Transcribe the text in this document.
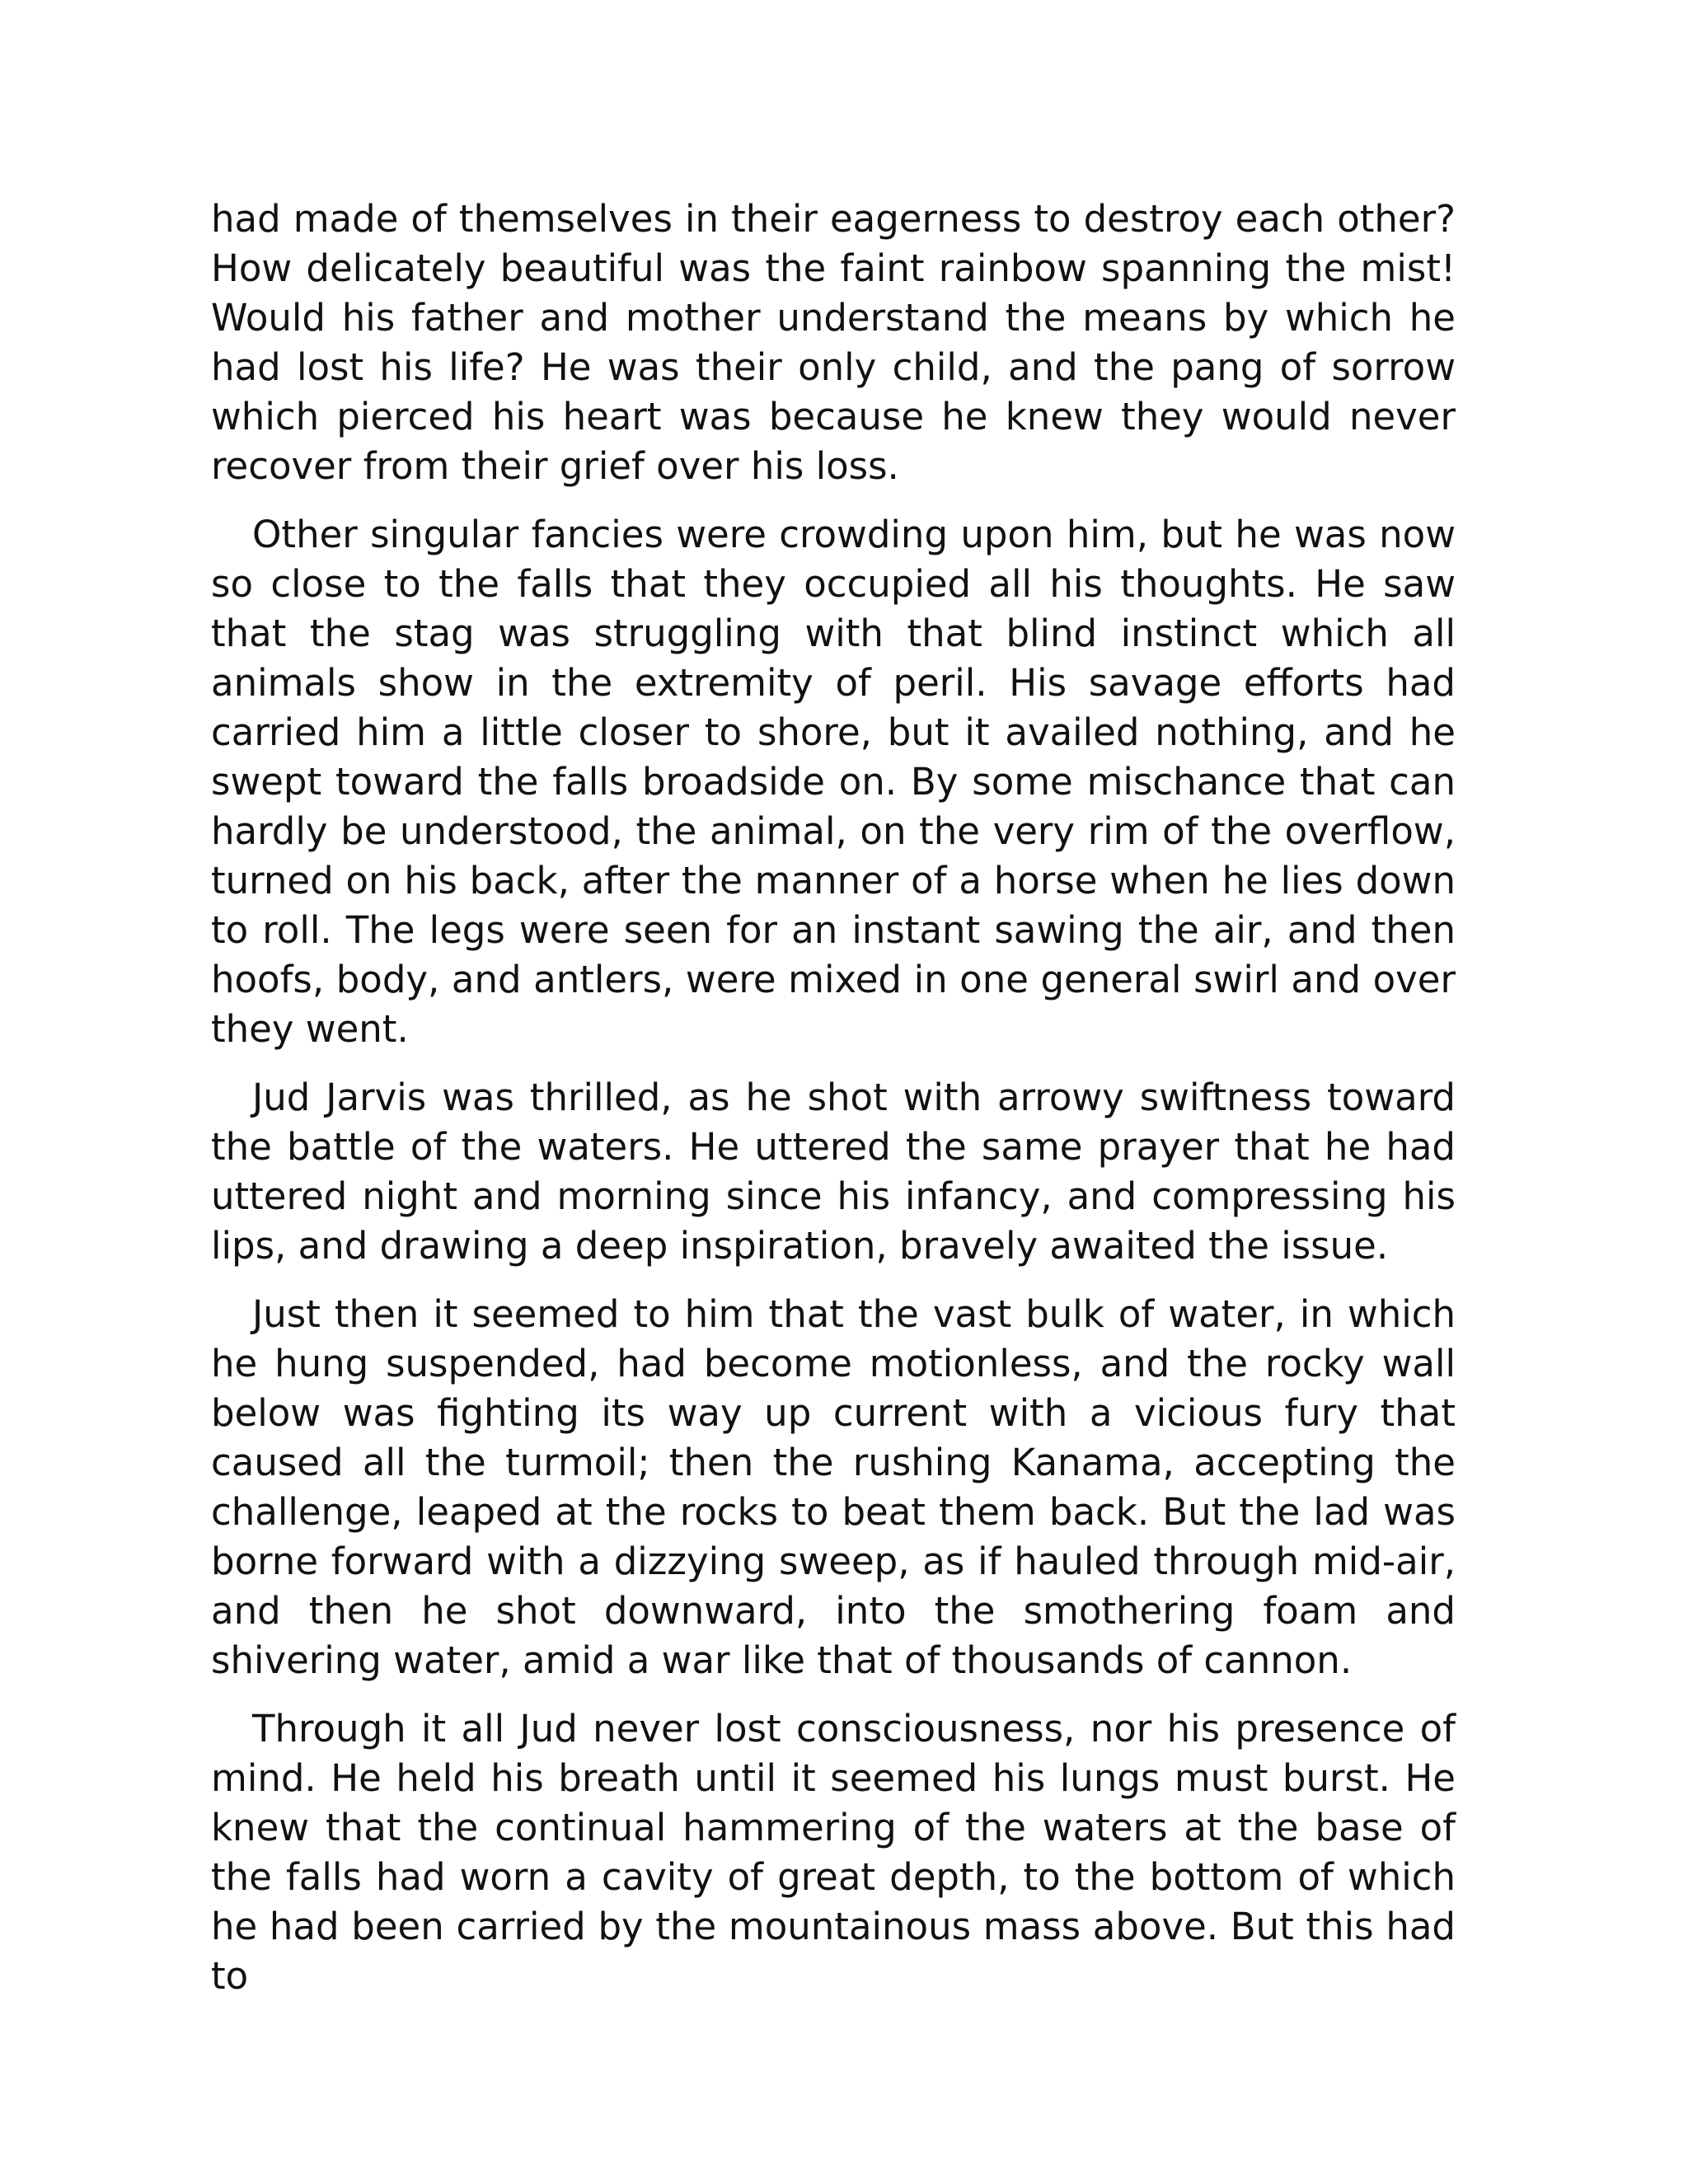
had made of themselves in their eagerness to destroy each other? How delicately beautiful was the faint rainbow spanning the mist! Would his father and mother understand the means by which he had lost his life? He was their only child, and the pang of sorrow which pierced his heart was because he knew they would never recover from their grief over his loss.

Other singular fancies were crowding upon him, but he was now so close to the falls that they occupied all his thoughts. He saw that the stag was struggling with that blind instinct which all animals show in the extremity of peril. His savage efforts had carried him a little closer to shore, but it availed nothing, and he swept toward the falls broadside on. By some mischance that can hardly be understood, the animal, on the very rim of the overflow, turned on his back, after the manner of a horse when he lies down to roll. The legs were seen for an instant sawing the air, and then hoofs, body, and antlers, were mixed in one general swirl and over they went.

Jud Jarvis was thrilled, as he shot with arrowy swiftness toward the battle of the waters. He uttered the same prayer that he had uttered night and morning since his infancy, and compressing his lips, and drawing a deep inspiration, bravely awaited the issue.

Just then it seemed to him that the vast bulk of water, in which he hung suspended, had become motionless, and the rocky wall below was fighting its way up current with a vicious fury that caused all the turmoil; then the rushing Kanama, accepting the challenge, leaped at the rocks to beat them back. But the lad was borne forward with a dizzying sweep, as if hauled through mid-air, and then he shot downward, into the smothering foam and shivering water, amid a war like that of thousands of cannon.

Through it all Jud never lost consciousness, nor his presence of mind. He held his breath until it seemed his lungs must burst. He knew that the continual hammering of the waters at the base of the falls had worn a cavity of great depth, to the bottom of which he had been carried by the mountainous mass above. But this had to
